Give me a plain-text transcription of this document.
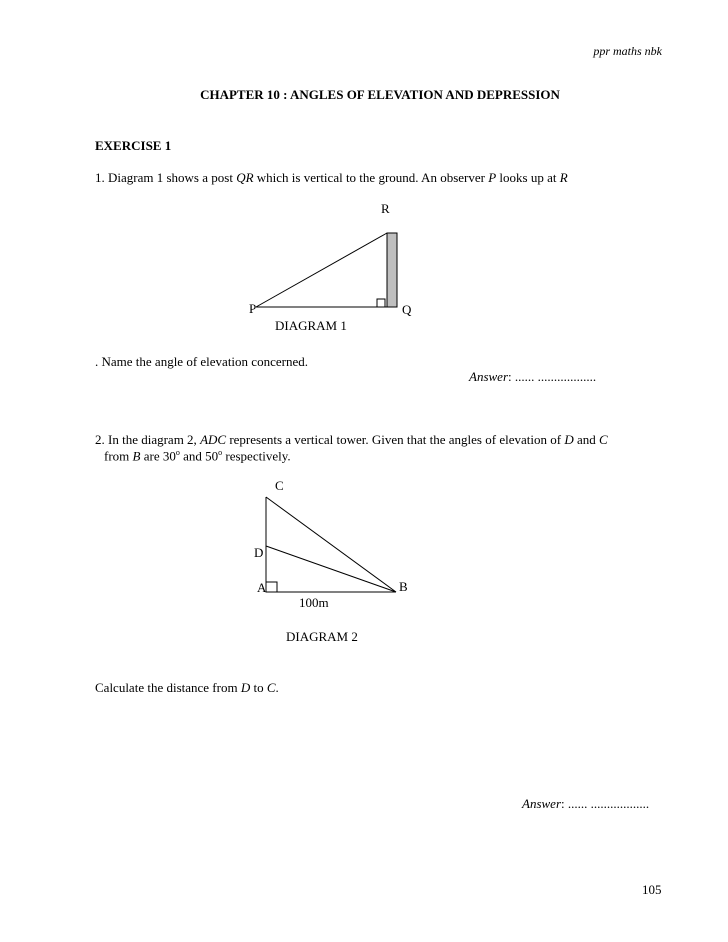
ppr maths nbk
CHAPTER 10 : ANGLES OF ELEVATION AND DEPRESSION
EXERCISE 1
1. Diagram 1 shows a post QR which is vertical to the ground. An observer P looks up at R
R
P	Q
DIAGRAM 1
. Name the angle of elevation concerned.
Answer: ...... ..................
2. In the diagram 2, ADC represents a vertical tower. Given that the angles of elevation of D and C
from B are 30$^o$ and 50$^o$ respectively.
C
D
A	B
100m
DIAGRAM 2
Calculate the distance from D to C.
Answer: ...... ..................
105
